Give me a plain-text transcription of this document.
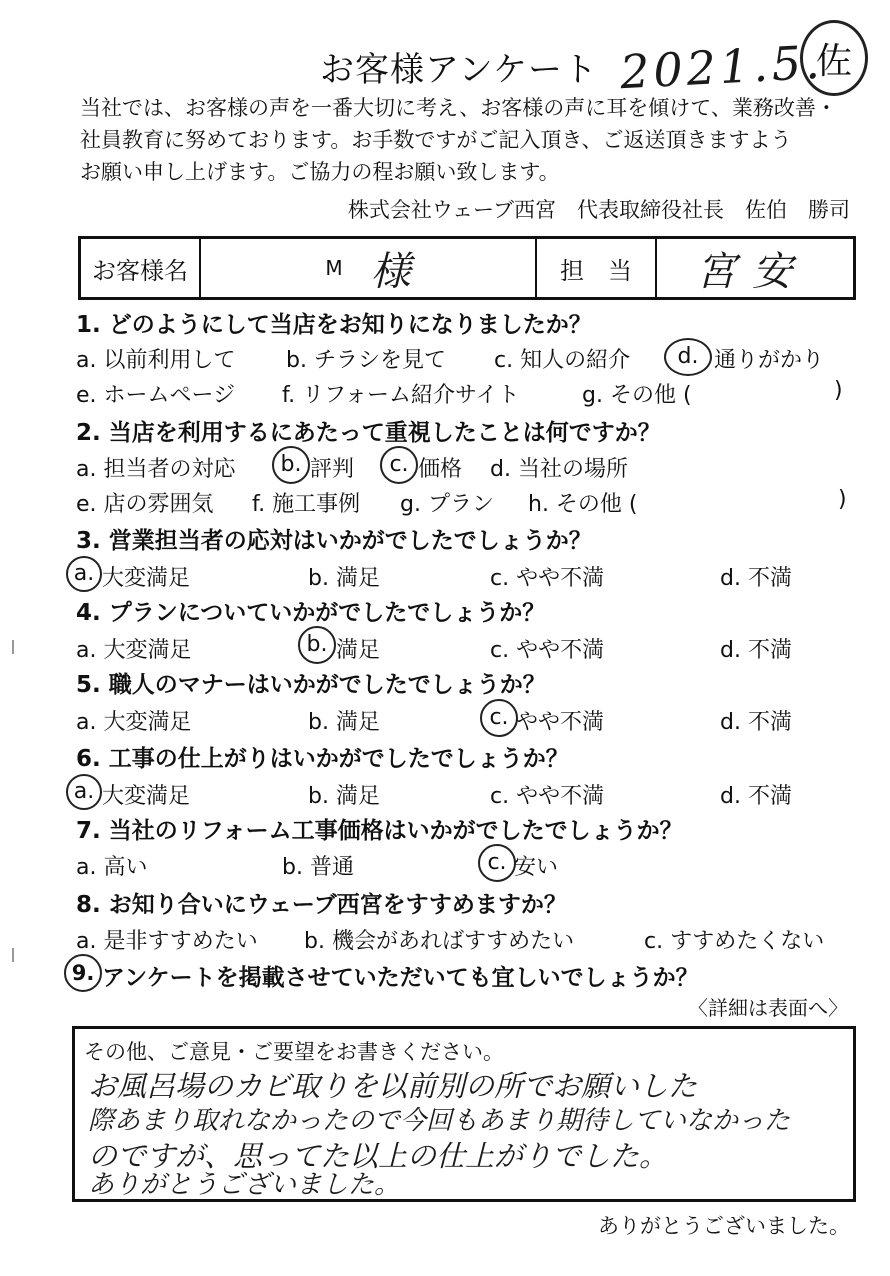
お客様アンケート 2021.5.
佐
当社では、お客様の声を一番大切に考え、お客様の声に耳を傾けて、業務改善・
社員教育に努めております。お手数ですがご記入頂き、ご返送頂きますよう
お願い申し上げます。ご協力の程お願い致します。
株式会社ウェーブ西宮　代表取締役社長　佐伯　勝司
お客様名	M 様	担　当	宮安
1. どのようにして当店をお知りになりましたか？
a. 以前利用して b. チラシを見て c. 知人の紹介	d. 通りがかり
e. ホームページ f. リフォーム紹介サイト	g. その他 (	)
2. 当店を利用するにあたって重視したことは何ですか？
a. 担当者の対応	b. 評判	c. 価格 d. 当社の場所
e. 店の雰囲気 f. 施工事例 g. プラン h. その他 (	)
3. 営業担当者の応対はいかがでしたでしょうか？
a. 大変満足	b. 満足	c. やや不満	d. 不満
4. プランについていかがでしたでしょうか？
a. 大変満足	b. 満足	c. やや不満	d. 不満
5. 職人のマナーはいかがでしたでしょうか？
a. 大変満足	b. 満足	c. やや不満	d. 不満
6. 工事の仕上がりはいかがでしたでしょうか？
a. 大変満足	b. 満足	c. やや不満	d. 不満
7. 当社のリフォーム工事価格はいかがでしたでしょうか？
a. 高い	b. 普通	c. 安い
8. お知り合いにウェーブ西宮をすすめますか？
a. 是非すすめたい b. 機会があればすすめたい	c. すすめたくない
9. アンケートを掲載させていただいても宜しいでしょうか？
〈詳細は表面へ〉
その他、ご意見・ご要望をお書きください。
お風呂場のカビ取りを以前別の所でお願いした
際あまり取れなかったので今回もあまり期待していなかった
のですが、思ってた以上の仕上がりでした。
ありがとうございました。
ありがとうございました。
